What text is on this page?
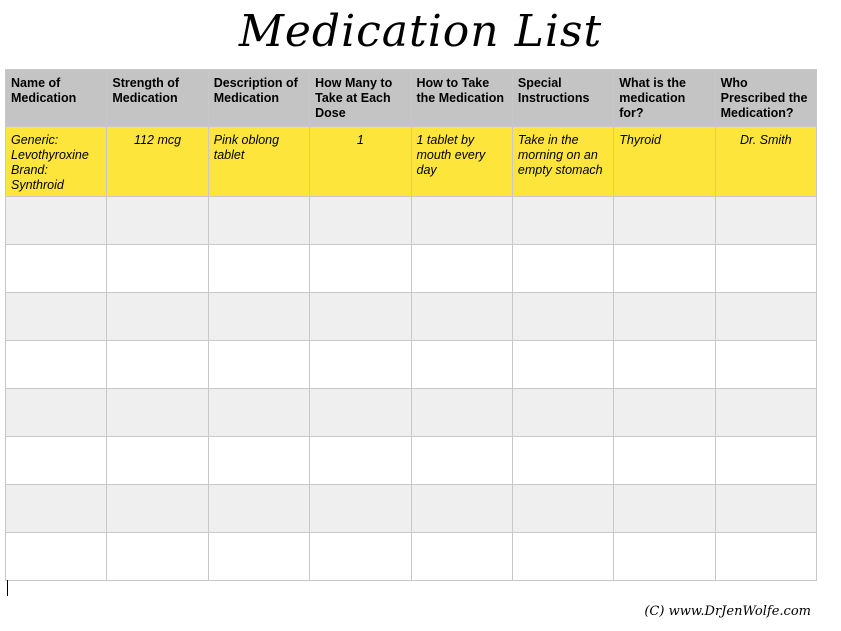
Medication List
Name of Medication	Strength of Medication	Description of Medication	How Many to Take at Each Dose	How to Take the Medication	Special Instructions	What is the medication for?	Who Prescribed the Medication?

Generic: Levothyroxine
Brand: Synthroid	112 mcg	Pink oblong tablet	1	1 tablet by mouth every day	Take in the morning on an empty stomach	Thyroid	Dr. Smith

(C) www.DrJenWolfe.com
